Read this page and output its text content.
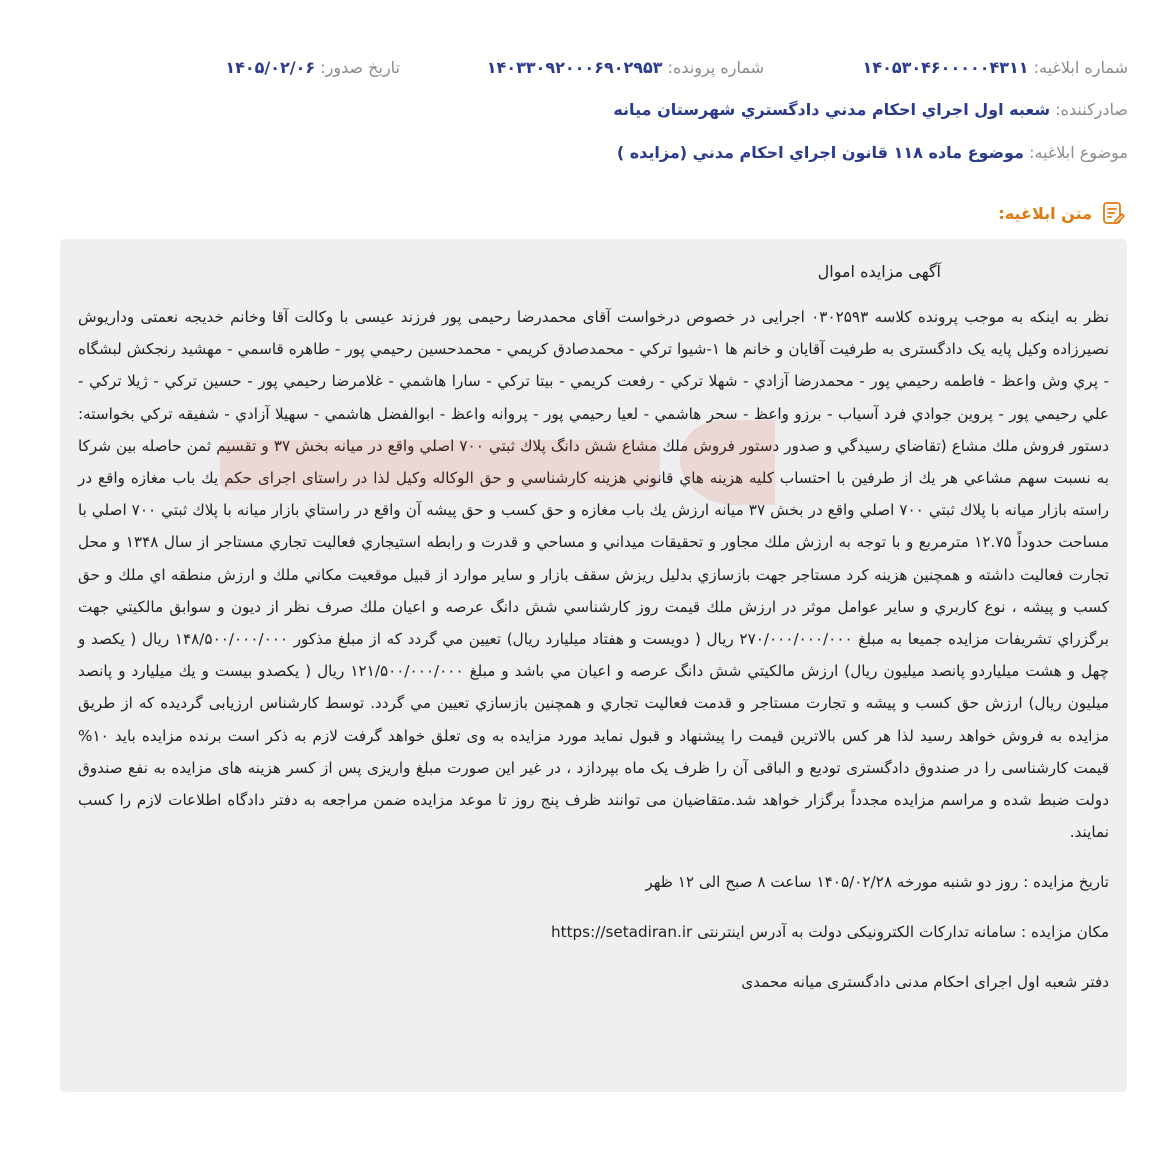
شماره ابلاغيه: ۱۴۰۵۳۰۴۶۰۰۰۰۰۴۳۱۱
شماره پرونده: ۱۴۰۳۳۰۹۲۰۰۰۶۹۰۲۹۵۳
تاريخ صدور: ۱۴۰۵/۰۲/۰۶
صادرکننده: شعبه اول اجراي احكام مدني دادگستري شهرستان ميانه
موضوع ابلاغيه: موضوع ماده ۱۱۸ قانون اجراي احكام مدني (مزايده )
متن ابلاغيه:
آگهی مزايده اموال

نظر به اينكه به موجب پرونده كلاسه ۰۳۰۲۵۹۳ اجرايی در خصوص درخواست آقای محمدرضا رحيمی پور فرزند عيسی با وكالت آقا وخانم خديجه نعمتی وداريوش نصيرزاده وكيل پايه يک دادگستری به طرفيت آقايان و خانم ها ۱-شيوا تركي - محمدصادق كريمي - محمدحسين رحيمي پور - طاهره قاسمي - مهشيد رنجكش لبشگاه - پري وش واعظ - فاطمه رحيمي پور - محمدرضا آزادي - شهلا تركي - رفعت كريمي - بيتا تركي - سارا هاشمي - غلامرضا رحيمي پور - حسين تركي - ژيلا تركي - علي رحيمي پور - پروين جوادي فرد آسياب - برزو واعظ - سحر هاشمي - لعيا رحيمي پور - پروانه واعظ - ابوالفضل هاشمي - سهيلا آزادي - شفيقه تركي بخواسته: دستور فروش ملك مشاع (تقاضاي رسيدگي و صدور دستور فروش ملك مشاع شش دانگ پلاك ثبتي ۷۰۰ اصلي واقع در ميانه بخش ۳۷ و تقسيم ثمن حاصله بين شركا به نسبت سهم مشاعي هر يك از طرفين با احتساب كليه هزينه هاي قانوني هزينه كارشناسي و حق الوكاله وكيل لذا در راستای اجرای حكم يك باب مغازه واقع در راسته بازار ميانه با پلاك ثبتي ۷۰۰ اصلي واقع در بخش ۳۷ ميانه ارزش يك باب مغازه و حق كسب و حق پيشه آن واقع در راستاي بازار ميانه با پلاك ثبتي ۷۰۰ اصلي با مساحت حدوداً ۱۲.۷۵ مترمربع و با توجه به ارزش ملك مجاور و تحقيقات ميداني و مساحي و قدرت و رابطه استيجاري فعاليت تجاري مستاجر از سال ۱۳۴۸ و محل تجارت فعاليت داشته و همچنين هزينه كرد مستاجر جهت بازسازي بدليل ريزش سقف بازار و ساير موارد از قبيل موقعيت مكاني ملك و ارزش منطقه اي ملك و حق كسب و پيشه ، نوع كاربري و ساير عوامل موثر در ارزش ملك قيمت روز كارشناسي شش دانگ عرصه و اعيان ملك صرف نظر از ديون و سوابق مالكيتي جهت برگزراي تشريفات مزايده جميعا به مبلغ ۲۷۰/۰۰۰/۰۰۰/۰۰۰ ريال ( دويست و هفتاد ميليارد ريال) تعيين مي گردد كه از مبلغ مذكور ۱۴۸/۵۰۰/۰۰۰/۰۰۰ ريال ( يكصد و چهل و هشت ميلياردو پانصد ميليون ريال) ارزش مالكيتي شش دانگ عرصه و اعيان مي باشد و مبلغ ۱۲۱/۵۰۰/۰۰۰/۰۰۰ ريال ( يكصدو بيست و يك ميليارد و پانصد ميليون ريال) ارزش حق كسب و پيشه و تجارت مستاجر و قدمت فعاليت تجاري و همچنين بازسازي تعيين مي گردد. توسط كارشناس ارزيابی گرديده كه از طريق مزايده به فروش خواهد رسيد لذا هر كس بالاترين قيمت را پيشنهاد و قبول نمايد مورد مزايده به وی تعلق خواهد گرفت لازم به ذكر است برنده مزايده بايد ۱۰% قيمت كارشناسی را در صندوق دادگستری توديع و الباقی آن را ظرف يک ماه بپردازد ، در غير اين صورت مبلغ واريزی پس از كسر هزينه های مزايده به نفع صندوق دولت ضبط شده و مراسم مزايده مجدداً برگزار خواهد شد.متقاضيان می توانند ظرف پنج روز تا موعد مزايده ضمن مراجعه به دفتر دادگاه اطلاعات لازم را كسب نمايند.

تاريخ مزايده : روز دو شنبه مورخه ۱۴۰۵/۰۲/۲۸ ساعت ۸ صبح الی ۱۲ ظهر
مكان مزايده : سامانه تداركات الكترونيكی دولت به آدرس اينترنتی https://setadiran.ir
دفتر شعبه اول اجرای احكام مدنی دادگستری ميانه محمدی
